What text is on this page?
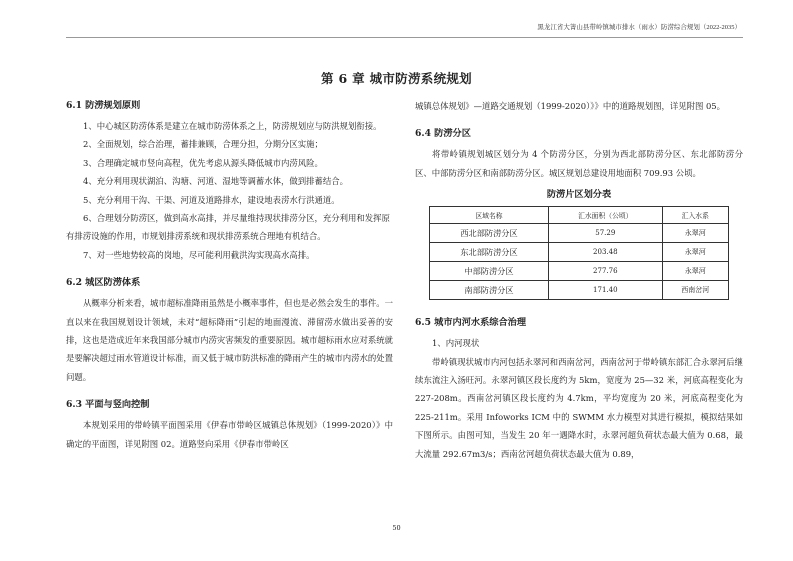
黑龙江省大箐山县带岭镇城市排水（雨水）防涝综合规划（2022-2035）
第 6 章 城市防涝系统规划

6.1 防涝规划原则

1、中心城区防涝体系是建立在城市防涝体系之上，防涝规划应与防洪规划衔接。

2、全面规划，综合治理，蓄排兼顾，合理分担，分期分区实施；

3、合理确定城市竖向高程，优先考虑从源头降低城市内涝风险。

4、充分利用现状湖泊、沟塘、河道、湿地等调蓄水体，做到排蓄结合。

5、充分利用干沟、干渠、河道及道路排水，建设地表涝水行洪通道。

6、合理划分防涝区，做到高水高排，并尽量维持现状排涝分区，充分利用和发挥原有排涝设施的作用，市规划排涝系统和现状排涝系统合理地有机结合。

7、对一些地势较高的岗地，尽可能利用截洪沟实现高水高排。

6.2 城区防涝体系

从概率分析来看，城市超标准降雨虽然是小概率事件，但也是必然会发生的事件。一直以来在我国规划设计领域，未对“超标降雨”引起的地面漫流、滞留涝水做出妥善的安排，这也是造成近年来我国部分城市内涝灾害频发的重要原因。城市超标雨水应对系统就是要解决超过雨水管道设计标准，而又低于城市防洪标准的降雨产生的城市内涝水的处置问题。

6.3 平面与竖向控制

本规划采用的带岭镇平面图采用《伊春市带岭区城镇总体规划》（1999-2020）》中确定的平面图，详见附图 02。道路竖向采用《伊春市带岭区

城镇总体规划》—道路交通规划（1999-2020）》》中的道路规划图，详见附图 05。

6.4 防涝分区

将带岭镇规划城区划分为 4 个防涝分区，分别为西北部防涝分区、东北部防涝分区、中部防涝分区和南部防涝分区。城区规划总建设用地面积 709.93 公顷。

防涝片区划分表

区域名称	汇水面积（公顷）	汇入水系
西北部防涝分区	57.29	永翠河
东北部防涝分区	203.48	永翠河
中部防涝分区	277.76	永翠河
南部防涝分区	171.40	西南岔河

6.5 城市内河水系综合治理

1、内河现状

带岭镇现状城市内河包括永翠河和西南岔河，西南岔河于带岭镇东部汇合永翠河后继续东流注入汤旺河。永翠河镇区段长度约为 5km，宽度为 25—32 米，河底高程变化为 227-208m。西南岔河镇区段长度约为 4.7km，平均宽度为 20 米，河底高程变化为 225-211m。采用 Infoworks ICM 中的 SWMM 水力模型对其进行模拟，模拟结果如下图所示。由图可知，当发生 20 年一遇降水时，永翠河超负荷状态最大值为 0.68，最大流量 292.67m3/s；西南岔河超负荷状态最大值为 0.89，

50
